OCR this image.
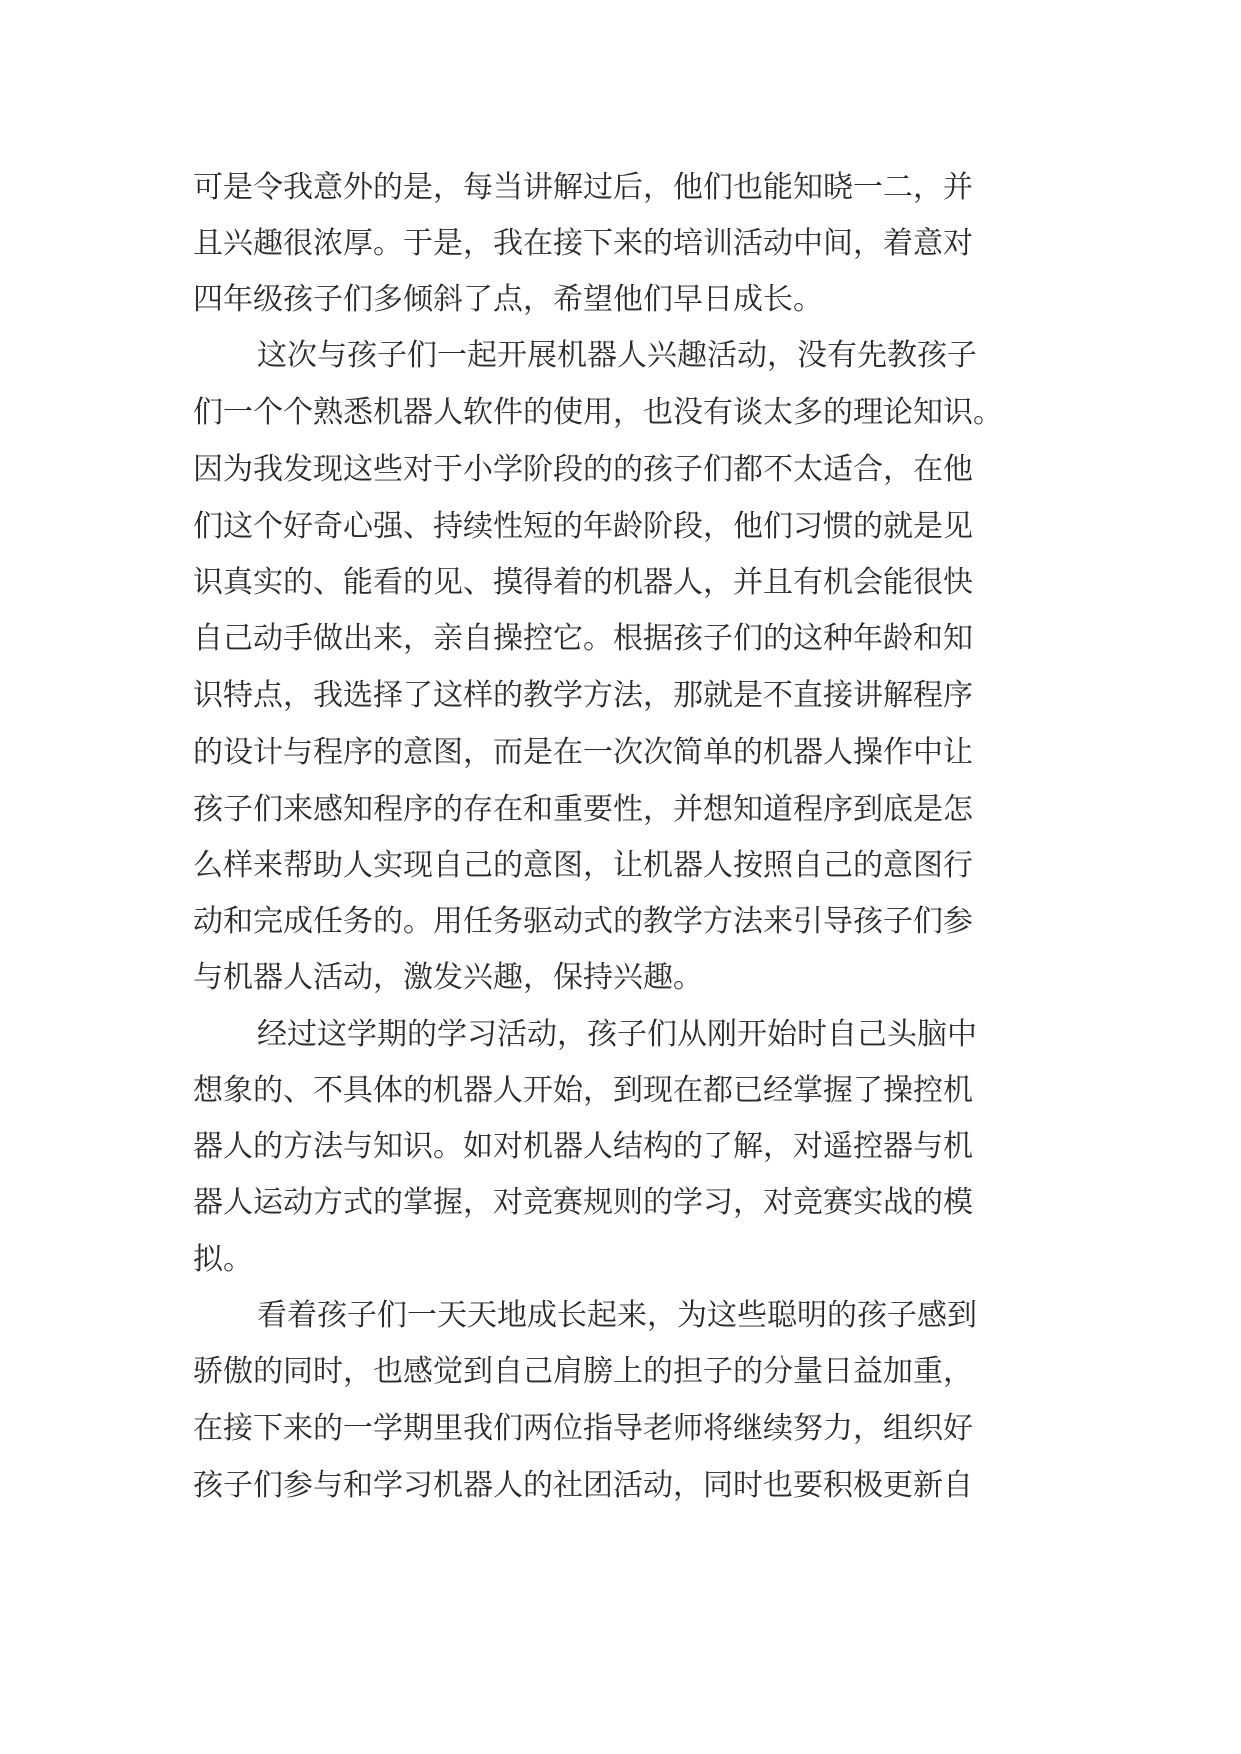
可是令我意外的是，每当讲解过后，他们也能知晓一二，并
且兴趣很浓厚。于是，我在接下来的培训活动中间，着意对
四年级孩子们多倾斜了点，希望他们早日成长。
这次与孩子们一起开展机器人兴趣活动，没有先教孩子
们一个个熟悉机器人软件的使用，也没有谈太多的理论知识。
因为我发现这些对于小学阶段的的孩子们都不太适合，在他
们这个好奇心强、持续性短的年龄阶段，他们习惯的就是见
识真实的、能看的见、摸得着的机器人，并且有机会能很快
自己动手做出来，亲自操控它。根据孩子们的这种年龄和知
识特点，我选择了这样的教学方法，那就是不直接讲解程序
的设计与程序的意图，而是在一次次简单的机器人操作中让
孩子们来感知程序的存在和重要性，并想知道程序到底是怎
么样来帮助人实现自己的意图，让机器人按照自己的意图行
动和完成任务的。用任务驱动式的教学方法来引导孩子们参
与机器人活动，激发兴趣，保持兴趣。
经过这学期的学习活动，孩子们从刚开始时自己头脑中
想象的、不具体的机器人开始，到现在都已经掌握了操控机
器人的方法与知识。如对机器人结构的了解，对遥控器与机
器人运动方式的掌握，对竞赛规则的学习，对竞赛实战的模
拟。
看着孩子们一天天地成长起来，为这些聪明的孩子感到
骄傲的同时，也感觉到自己肩膀上的担子的分量日益加重，
在接下来的一学期里我们两位指导老师将继续努力，组织好
孩子们参与和学习机器人的社团活动，同时也要积极更新自
